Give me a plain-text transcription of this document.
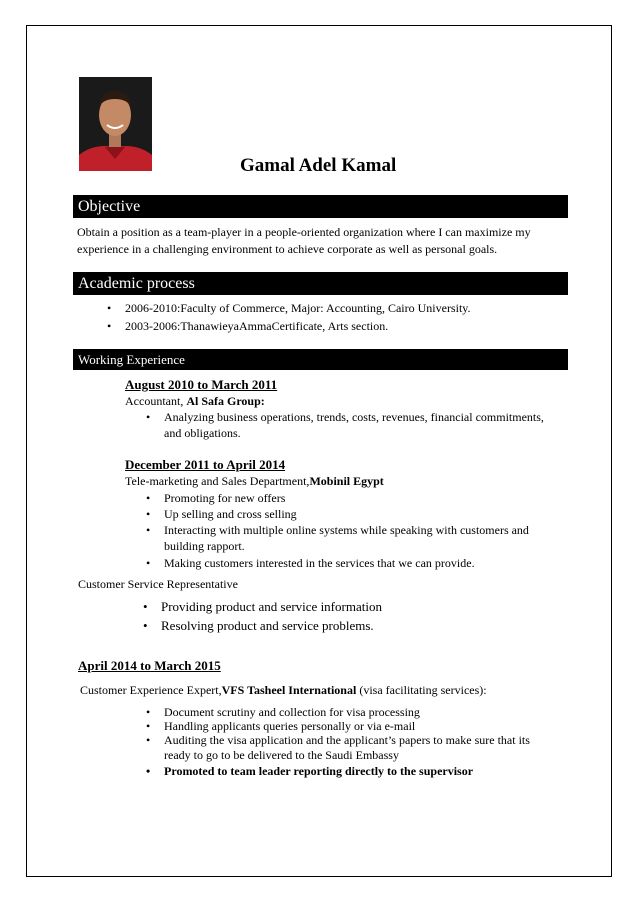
Gamal Adel Kamal
Objective
Obtain a position as a team-player in a people-oriented organization where I can maximize my experience in a challenging environment to achieve corporate as well as personal goals.
Academic process
• 2006-2010:Faculty of Commerce, Major: Accounting, Cairo University.
• 2003-2006:ThanawieyaAmmaCertificate, Arts section.
Working Experience
August 2010 to March 2011
Accountant, Al Safa Group:
• Analyzing business operations, trends, costs, revenues, financial commitments, and obligations.
December 2011 to April 2014
Tele-marketing and Sales Department,Mobinil Egypt
• Promoting for new offers
• Up selling and cross selling
• Interacting with multiple online systems while speaking with customers and building rapport.
• Making customers interested in the services that we can provide.
Customer Service Representative
• Providing product and service information
• Resolving product and service problems.
April 2014 to March 2015
Customer Experience Expert,VFS Tasheel International (visa facilitating services):
• Document scrutiny and collection for visa processing
• Handling applicants queries personally or via e-mail
• Auditing the visa application and the applicant’s papers to make sure that its ready to go to be delivered to the Saudi Embassy
• Promoted to team leader reporting directly to the supervisor
